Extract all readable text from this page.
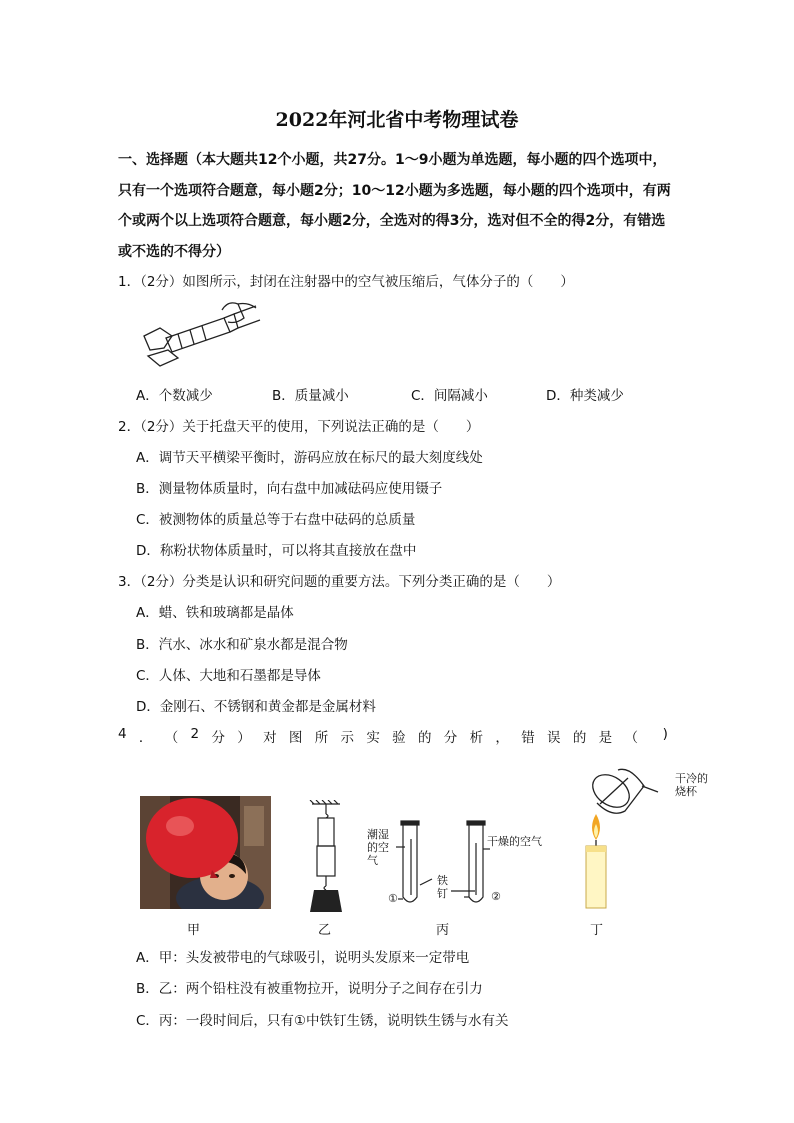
2022年河北省中考物理试卷
一、选择题（本大题共12个小题，共27分。1～9小题为单选题，每小题的四个选项中，只有一个选项符合题意，每小题2分；10～12小题为多选题，每小题的四个选项中，有两个或两个以上选项符合题意，每小题2分，全选对的得3分，选对但不全的得2分，有错选或不选的不得分）
1．（2分）如图所示，封闭在注射器中的空气被压缩后，气体分子的（　　）
A．个数减少	B．质量减小	C．间隔减小	D．种类减少
2．（2分）关于托盘天平的使用，下列说法正确的是（　　）
A．调节天平横梁平衡时，游码应放在标尺的最大刻度线处
B．测量物体质量时，向右盘中加减砝码应使用镊子
C．被测物体的质量总等于右盘中砝码的总质量
D．称粉状物体质量时，可以将其直接放在盘中
3．（2分）分类是认识和研究问题的重要方法。下列分类正确的是（　　）
A．蜡、铁和玻璃都是晶体
B．汽水、冰水和矿泉水都是混合物
C．人体、大地和石墨都是导体
D．金刚石、不锈钢和黄金都是金属材料
4 ． （ 2 分 ） 对 图 所 示 实 验 的 分 析 ， 错 误 的 是 （ )
甲	乙
潮湿的空气
干燥的空气
铁钉
①	②
丙
干冷的烧杯
丁
A．甲：头发被带电的气球吸引，说明头发原来一定带电
B．乙：两个铅柱没有被重物拉开，说明分子之间存在引力
C．丙：一段时间后，只有①中铁钉生锈，说明铁生锈与水有关
